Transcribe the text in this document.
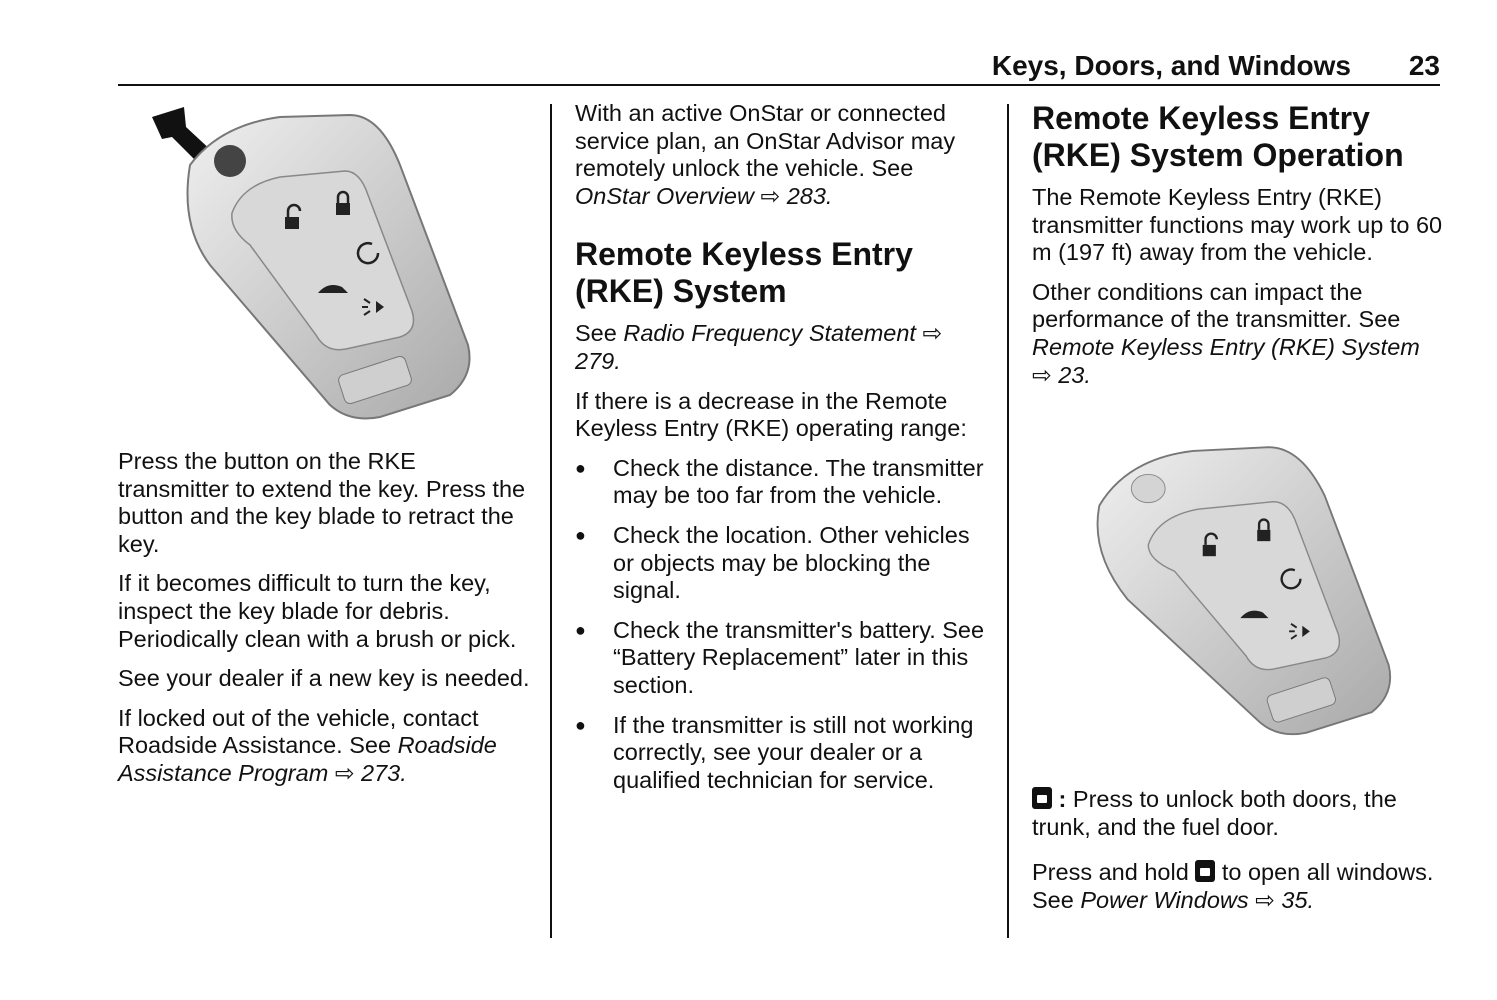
Keys, Doors, and Windows 23

Press the button on the RKE transmitter to extend the key. Press the button and the key blade to retract the key.

If it becomes difficult to turn the key, inspect the key blade for debris. Periodically clean with a brush or pick.

See your dealer if a new key is needed.

If locked out of the vehicle, contact Roadside Assistance. See Roadside Assistance Program ⇨ 273.

With an active OnStar or connected service plan, an OnStar Advisor may remotely unlock the vehicle. See OnStar Overview ⇨ 283.

Remote Keyless Entry (RKE) System

See Radio Frequency Statement ⇨ 279.

If there is a decrease in the Remote Keyless Entry (RKE) operating range:

● Check the distance. The transmitter may be too far from the vehicle.
● Check the location. Other vehicles or objects may be blocking the signal.
● Check the transmitter's battery. See “Battery Replacement” later in this section.
● If the transmitter is still not working correctly, see your dealer or a qualified technician for service.
Remote Keyless Entry (RKE) System Operation

The Remote Keyless Entry (RKE) transmitter functions may work up to 60 m (197 ft) away from the vehicle.

Other conditions can impact the performance of the transmitter. See Remote Keyless Entry (RKE) System ⇨ 23.

: Press to unlock both doors, the trunk, and the fuel door.

Press and hold  to open all windows. See Power Windows ⇨ 35.
